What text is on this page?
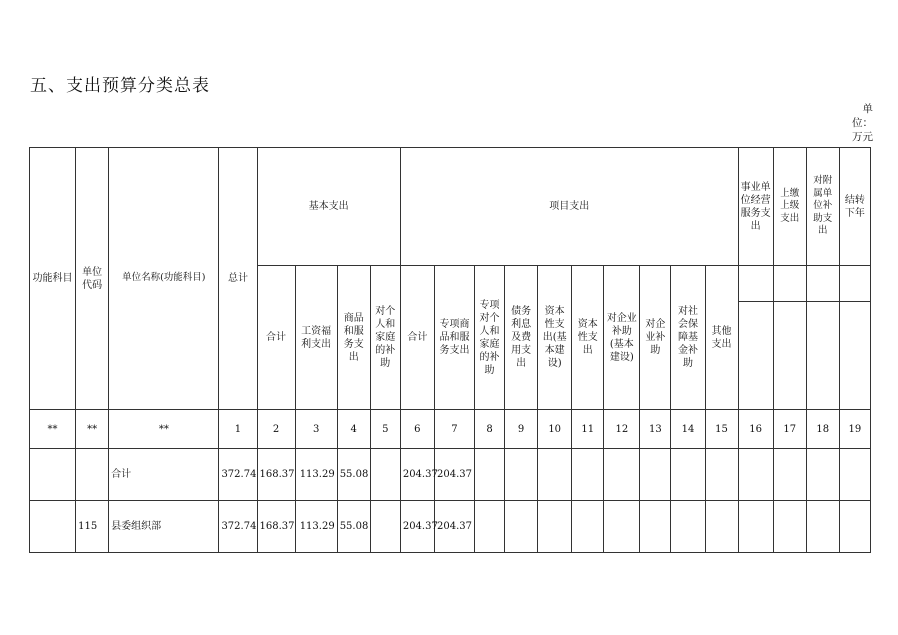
五、支出预算分类总表
单位：万元
功能科目	单位代码	单位名称(功能科目)	总计	基本支出				项目支出										事业单位经营服务支出	上缴上级支出	对附属单位补助支出	结转下年
				合计	工资福利支出	商品和服务支出	对个人和家庭的补助	合计	专项商品和服务支出	专项对个人和家庭的补助	债务利息及费用支出	资本性支出(基本建设)	资本性支出	对企业补助(基本建设)	对企业补助	对社会保障基金补助	其他支出				

**	**	**	1	2	3	4	5	6	7	8	9	10	11	12	13	14	15	16	17	18	19
		合计	372.74	168.37	113.29	55.08		204.37	204.37												
	115	县委组织部	372.74	168.37	113.29	55.08		204.37	204.37												
